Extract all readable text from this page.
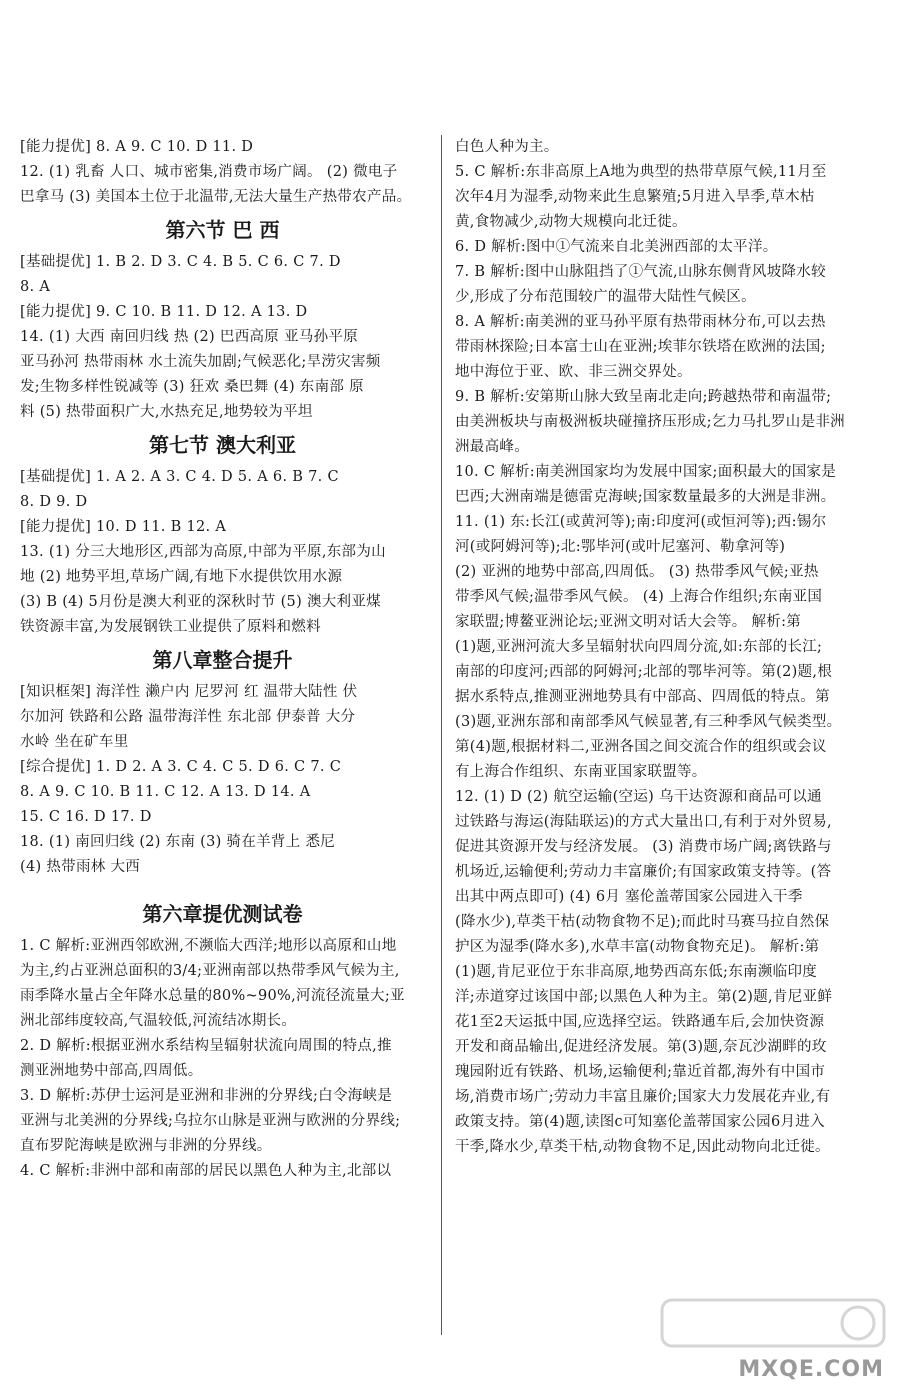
[能力提优] 8. A 9. C 10. D 11. D
12. (1) 乳畜 人口、城市密集,消费市场广阔。 (2) 微电子
巴拿马 (3) 美国本土位于北温带,无法大量生产热带农产品。
第六节 巴 西
[基础提优] 1. B 2. D 3. C 4. B 5. C 6. C 7. D
8. A
[能力提优] 9. C 10. B 11. D 12. A 13. D
14. (1) 大西 南回归线 热 (2) 巴西高原 亚马孙平原
亚马孙河 热带雨林 水土流失加剧;气候恶化;旱涝灾害频
发;生物多样性锐减等 (3) 狂欢 桑巴舞 (4) 东南部 原
料 (5) 热带面积广大,水热充足,地势较为平坦
第七节 澳大利亚
[基础提优] 1. A 2. A 3. C 4. D 5. A 6. B 7. C
8. D 9. D
[能力提优] 10. D 11. B 12. A
13. (1) 分三大地形区,西部为高原,中部为平原,东部为山
地 (2) 地势平坦,草场广阔,有地下水提供饮用水源
(3) B (4) 5月份是澳大利亚的深秋时节 (5) 澳大利亚煤
铁资源丰富,为发展钢铁工业提供了原料和燃料
第八章整合提升
[知识框架] 海洋性 濑户内 尼罗河 红 温带大陆性 伏
尔加河 铁路和公路 温带海洋性 东北部 伊泰普 大分
水岭 坐在矿车里
[综合提优] 1. D 2. A 3. C 4. C 5. D 6. C 7. C
8. A 9. C 10. B 11. C 12. A 13. D 14. A
15. C 16. D 17. D
18. (1) 南回归线 (2) 东南 (3) 骑在羊背上 悉尼
(4) 热带雨林 大西
第六章提优测试卷
1. C 解析:亚洲西邻欧洲,不濒临大西洋;地形以高原和山地
为主,约占亚洲总面积的3/4;亚洲南部以热带季风气候为主,
雨季降水量占全年降水总量的80%~90%,河流径流量大;亚
洲北部纬度较高,气温较低,河流结冰期长。
2. D 解析:根据亚洲水系结构呈辐射状流向周围的特点,推
测亚洲地势中部高,四周低。
3. D 解析:苏伊士运河是亚洲和非洲的分界线;白令海峡是
亚洲与北美洲的分界线;乌拉尔山脉是亚洲与欧洲的分界线;
直布罗陀海峡是欧洲与非洲的分界线。
4. C 解析:非洲中部和南部的居民以黑色人种为主,北部以
白色人种为主。
5. C 解析:东非高原上A地为典型的热带草原气候,11月至
次年4月为湿季,动物来此生息繁殖;5月进入旱季,草木枯
黄,食物减少,动物大规模向北迁徙。
6. D 解析:图中①气流来自北美洲西部的太平洋。
7. B 解析:图中山脉阻挡了①气流,山脉东侧背风坡降水较
少,形成了分布范围较广的温带大陆性气候区。
8. A 解析:南美洲的亚马孙平原有热带雨林分布,可以去热
带雨林探险;日本富士山在亚洲;埃菲尔铁塔在欧洲的法国;
地中海位于亚、欧、非三洲交界处。
9. B 解析:安第斯山脉大致呈南北走向;跨越热带和南温带;
由美洲板块与南极洲板块碰撞挤压形成;乞力马扎罗山是非洲
洲最高峰。
10. C 解析:南美洲国家均为发展中国家;面积最大的国家是
巴西;大洲南端是德雷克海峡;国家数量最多的大洲是非洲。
11. (1) 东:长江(或黄河等);南:印度河(或恒河等);西:锡尔
河(或阿姆河等);北:鄂毕河(或叶尼塞河、勒拿河等)
(2) 亚洲的地势中部高,四周低。 (3) 热带季风气候;亚热
带季风气候;温带季风气候。 (4) 上海合作组织;东南亚国
家联盟;博鳌亚洲论坛;亚洲文明对话大会等。 解析:第
(1)题,亚洲河流大多呈辐射状向四周分流,如:东部的长江;
南部的印度河;西部的阿姆河;北部的鄂毕河等。第(2)题,根
据水系特点,推测亚洲地势具有中部高、四周低的特点。第
(3)题,亚洲东部和南部季风气候显著,有三种季风气候类型。
第(4)题,根据材料二,亚洲各国之间交流合作的组织或会议
有上海合作组织、东南亚国家联盟等。
12. (1) D (2) 航空运输(空运) 乌干达资源和商品可以通
过铁路与海运(海陆联运)的方式大量出口,有利于对外贸易,
促进其资源开发与经济发展。 (3) 消费市场广阔;离铁路与
机场近,运输便利;劳动力丰富廉价;有国家政策支持等。(答
出其中两点即可) (4) 6月 塞伦盖蒂国家公园进入干季
(降水少),草类干枯(动物食物不足);而此时马赛马拉自然保
护区为湿季(降水多),水草丰富(动物食物充足)。 解析:第
(1)题,肯尼亚位于东非高原,地势西高东低;东南濒临印度
洋;赤道穿过该国中部;以黑色人种为主。第(2)题,肯尼亚鲜
花1至2天运抵中国,应选择空运。铁路通车后,会加快资源
开发和商品输出,促进经济发展。第(3)题,奈瓦沙湖畔的玫
瑰园附近有铁路、机场,运输便利;靠近首都,海外有中国市
场,消费市场广;劳动力丰富且廉价;国家大力发展花卉业,有
政策支持。第(4)题,读图c可知塞伦盖蒂国家公园6月进入
干季,降水少,草类干枯,动物食物不足,因此动物向北迁徙。
MXQE.COM
